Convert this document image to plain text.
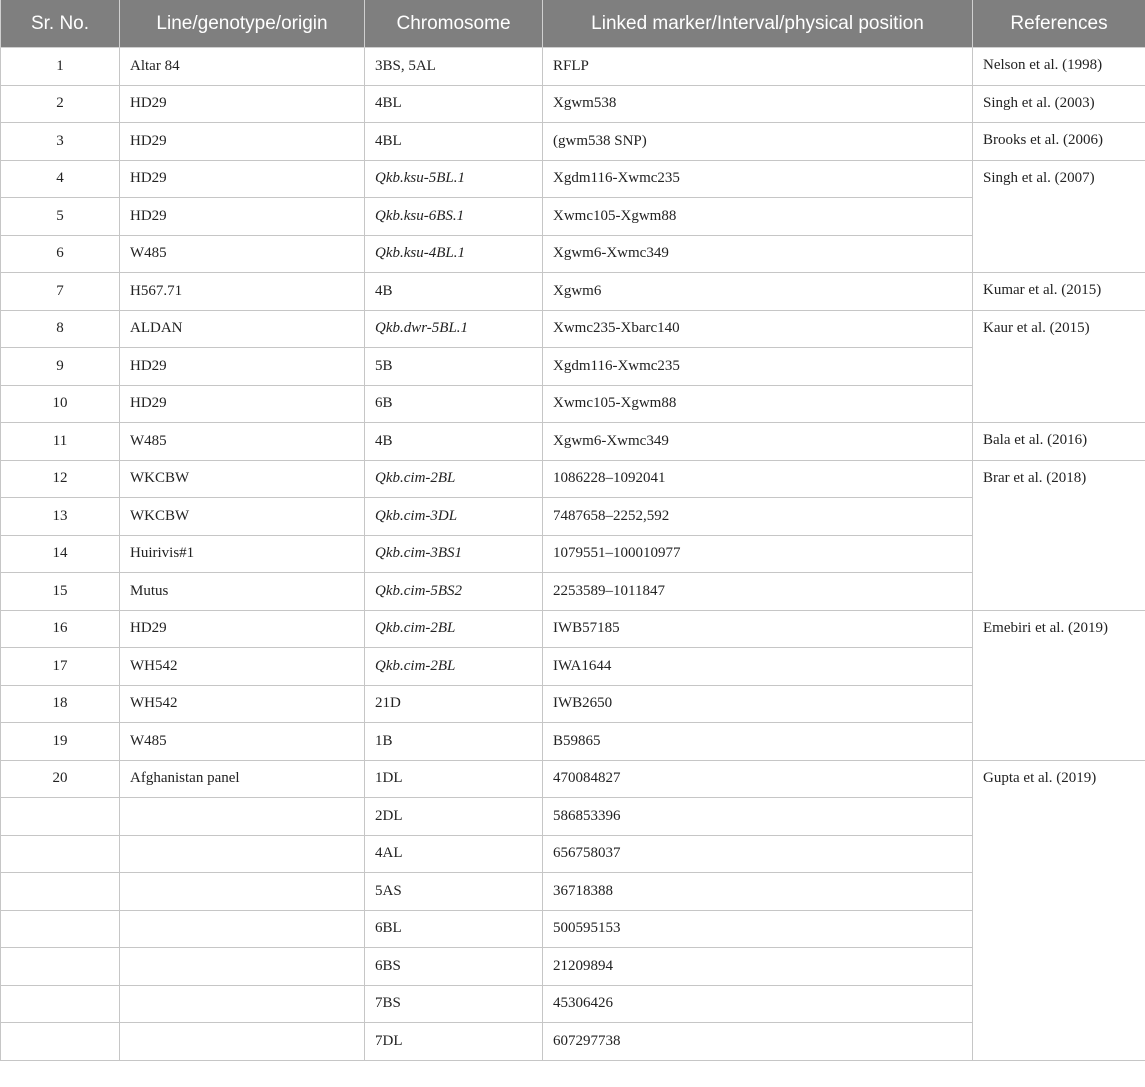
Sr. No.	Line/genotype/origin	Chromosome	Linked marker/Interval/physical position	References
1	Altar 84	3BS, 5AL	RFLP	Nelson et al. (1998)
2	HD29	4BL	Xgwm538	Singh et al. (2003)
3	HD29	4BL	(gwm538 SNP)	Brooks et al. (2006)
4	HD29	Qkb.ksu-5BL.1	Xgdm116-Xwmc235	Singh et al. (2007)
5	HD29	Qkb.ksu-6BS.1	Xwmc105-Xgwm88	
6	W485	Qkb.ksu-4BL.1	Xgwm6-Xwmc349	
7	H567.71	4B	Xgwm6	Kumar et al. (2015)
8	ALDAN	Qkb.dwr-5BL.1	Xwmc235-Xbarc140	Kaur et al. (2015)
9	HD29	5B	Xgdm116-Xwmc235	
10	HD29	6B	Xwmc105-Xgwm88	
11	W485	4B	Xgwm6-Xwmc349	Bala et al. (2016)
12	WKCBW	Qkb.cim-2BL	1086228–1092041	Brar et al. (2018)
13	WKCBW	Qkb.cim-3DL	7487658–2252,592	
14	Huirivis#1	Qkb.cim-3BS1	1079551–100010977	
15	Mutus	Qkb.cim-5BS2	2253589–1011847	
16	HD29	Qkb.cim-2BL	IWB57185	Emebiri et al. (2019)
17	WH542	Qkb.cim-2BL	IWA1644	
18	WH542	21D	IWB2650	
19	W485	1B	B59865	
20	Afghanistan panel	1DL	470084827	Gupta et al. (2019)
		2DL	586853396	
		4AL	656758037	
		5AS	36718388	
		6BL	500595153	
		6BS	21209894	
		7BS	45306426	
		7DL	607297738	
